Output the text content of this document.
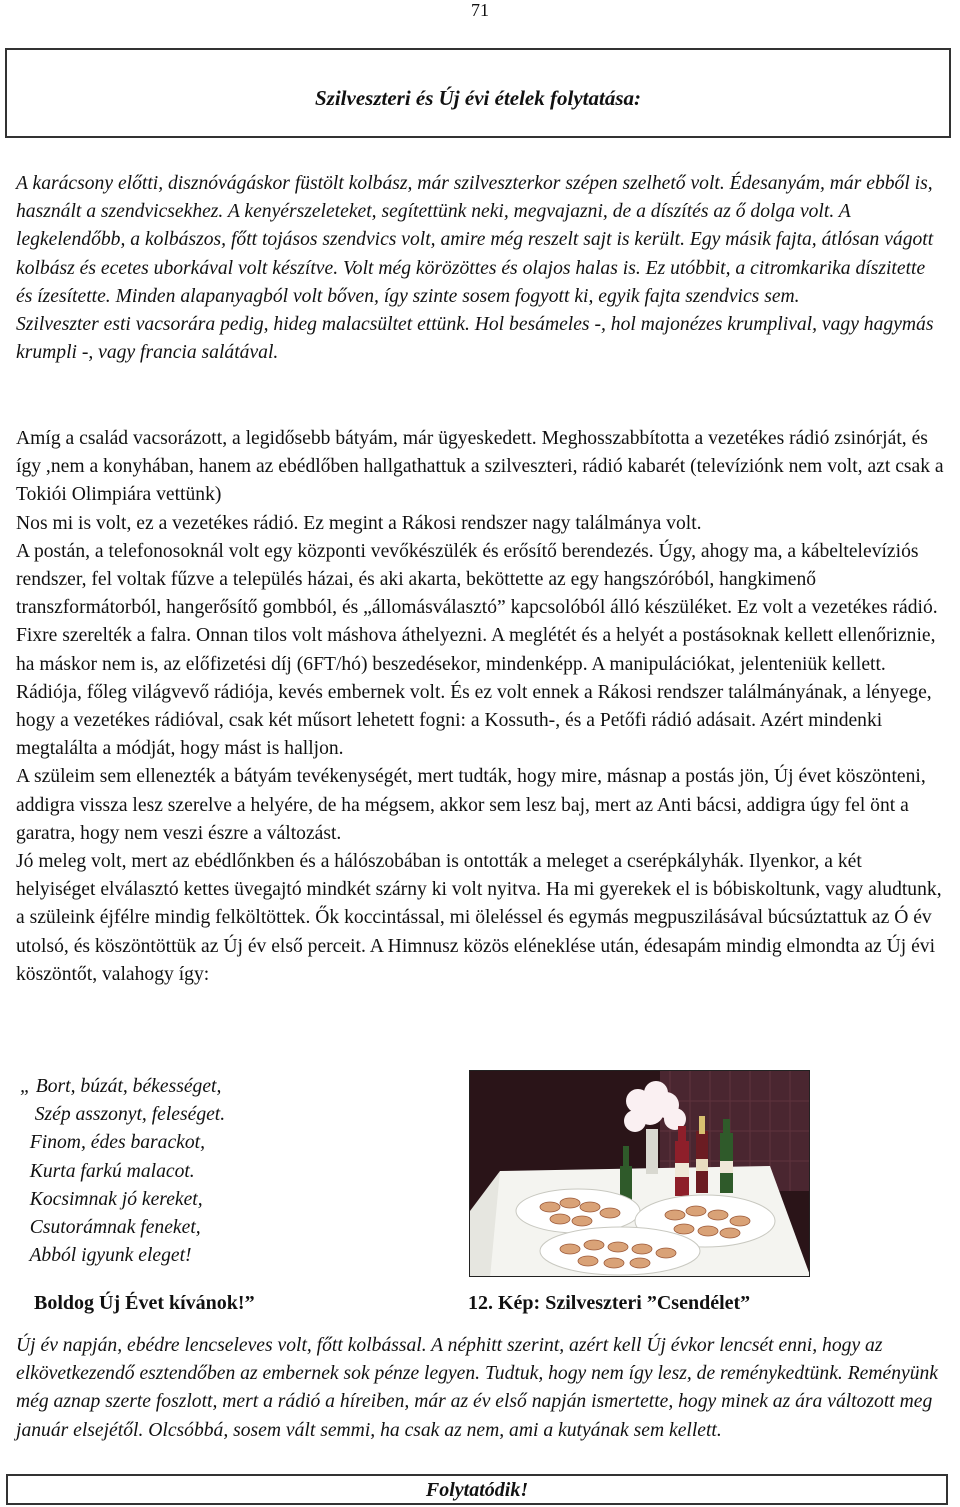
71
Szilveszteri és Új évi ételek folytatása:

A karácsony előtti, disznóvágáskor füstölt kolbász, már szilveszterkor szépen szelhető volt. Édesanyám, már ebből is, használt a szendvicsekhez. A kenyérszeleteket, segítettünk neki, megvajazni, de a díszítés az ő dolga volt. A legkelendőbb, a kolbászos, főtt tojásos szendvics volt, amire még reszelt sajt is került. Egy másik fajta, átlósan vágott kolbász és ecetes uborkával volt készítve. Volt még körözöttes és olajos halas is. Ez utóbbit, a citromkarika díszitette és ízesítette. Minden alapanyagból volt bőven, így szinte sosem fogyott ki, egyik fajta szendvics sem.

Szilveszter esti vacsorára pedig, hideg malacsültet ettünk. Hol besámeles -, hol majonézes krumplival, vagy hagymás krumpli -, vagy francia salátával.

Amíg a család vacsorázott, a legidősebb bátyám, már ügyeskedett. Meghosszabbította a vezetékes rádió zsinórját, és így ,nem a konyhában, hanem az ebédlőben hallgathattuk a szilveszteri, rádió kabarét (televíziónk nem volt, azt csak a Tokiói Olimpiára vettünk)

Nos mi is volt, ez a vezetékes rádió. Ez megint a Rákosi rendszer nagy találmánya volt.

A postán, a telefonosoknál volt egy központi vevőkészülék és erősítő berendezés. Úgy, ahogy ma, a kábeltelevíziós rendszer, fel voltak fűzve a település házai, és aki akarta, beköttette az egy hangszóróból, hangkimenő transzformátorból, hangerősítő gombból, és „állomásválasztó” kapcsolóból álló készüléket. Ez volt a vezetékes rádió. Fixre szerelték a falra. Onnan tilos volt máshova áthelyezni. A meglétét és a helyét a postásoknak kellett ellenőriznie, ha máskor nem is, az előfizetési díj (6FT/hó) beszedésekor, mindenképp. A manipulációkat, jelenteniük kellett.

Rádiója, főleg világvevő rádiója, kevés embernek volt. És ez volt ennek a Rákosi rendszer találmányának, a lényege, hogy a vezetékes rádióval, csak két műsort lehetett fogni: a Kossuth-, és a Petőfi rádió adásait. Azért mindenki megtalálta a módját, hogy mást is halljon.

A szüleim sem ellenezték a bátyám tevékenységét, mert tudták, hogy mire, másnap a postás jön, Új évet köszönteni, addigra vissza lesz szerelve a helyére, de ha mégsem, akkor sem lesz baj, mert az Anti bácsi, addigra úgy fel önt a garatra, hogy nem veszi észre a változást.

Jó meleg volt, mert az ebédlőnkben és a hálószobában is ontották a meleget a cserépkályhák. Ilyenkor, a két helyiséget elválasztó kettes üvegajtó mindkét szárny ki volt nyitva. Ha mi gyerekek el is bóbiskoltunk, vagy aludtunk, a szüleink éjfélre mindig felköltöttek. Ők koccintással, mi öleléssel és egymás megpuszilásával búcsúztattuk az Ó év utolsó, és köszöntöttük az Új év első perceit. A Himnusz közös eléneklése után, édesapám mindig elmondta az Új évi köszöntőt, valahogy így:

„ Bort, búzát, békességet,
Szép asszonyt, feleséget.
Finom, édes barackot,
Kurta farkú malacot.
Kocsimnak jó kereket,
Csutorámnak feneket,
Abból igyunk eleget!
Boldog Új Évet kívánok!”	12. Kép: Szilveszteri ”Csendélet”

Új év napján, ebédre lencseleves volt, főtt kolbással. A néphitt szerint, azért kell Új évkor lencsét enni, hogy az elkövetkezendő esztendőben az embernek sok pénze legyen. Tudtuk, hogy nem így lesz, de reménykedtünk. Reményünk még aznap szerte foszlott, mert a rádió a híreiben, már az év első napján ismertette, hogy minek az ára változott meg január elsejétől. Olcsóbbá, sosem vált semmi, ha csak az nem, ami a kutyának sem kellett.

Folytatódik!
